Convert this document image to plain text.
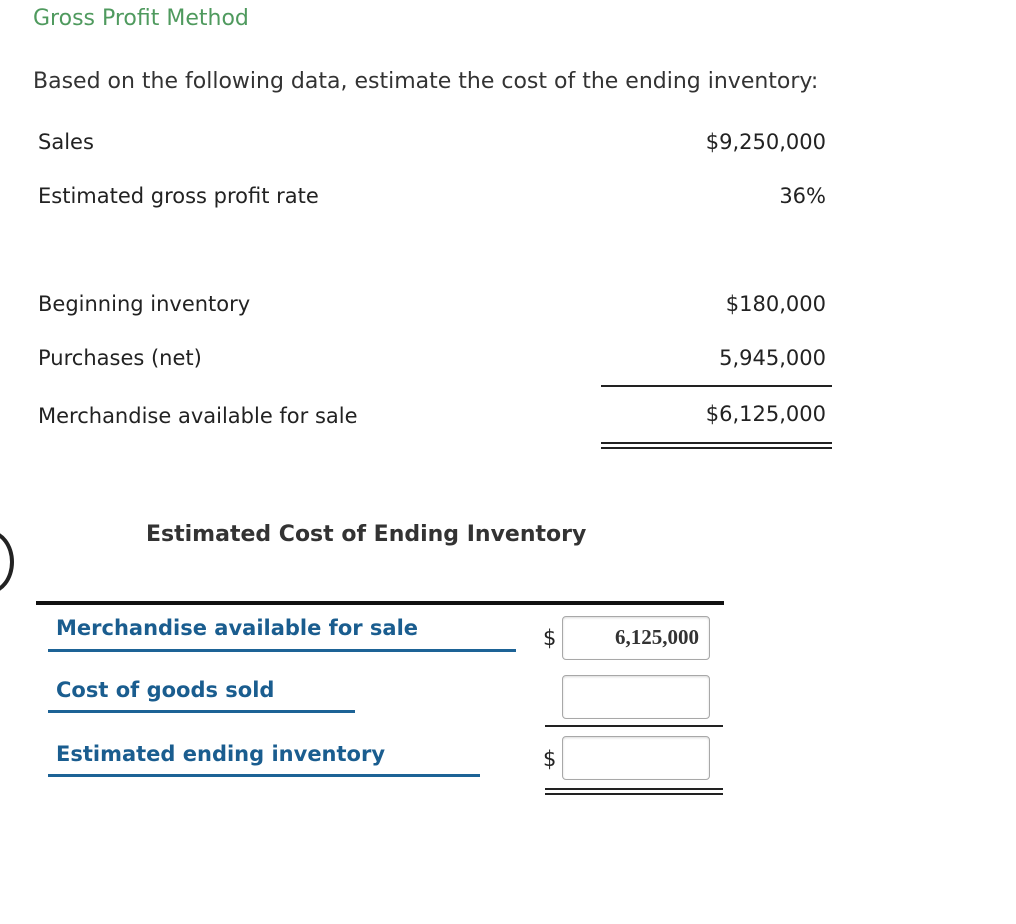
Gross Profit Method
Based on the following data, estimate the cost of the ending inventory:
Sales	$9,250,000
Estimated gross profit rate	36%
Beginning inventory	$180,000
Purchases (net)	5,945,000
Merchandise available for sale	$6,125,000
Estimated Cost of Ending Inventory
Merchandise available for sale	$	6,125,000
Cost of goods sold
Estimated ending inventory	$
